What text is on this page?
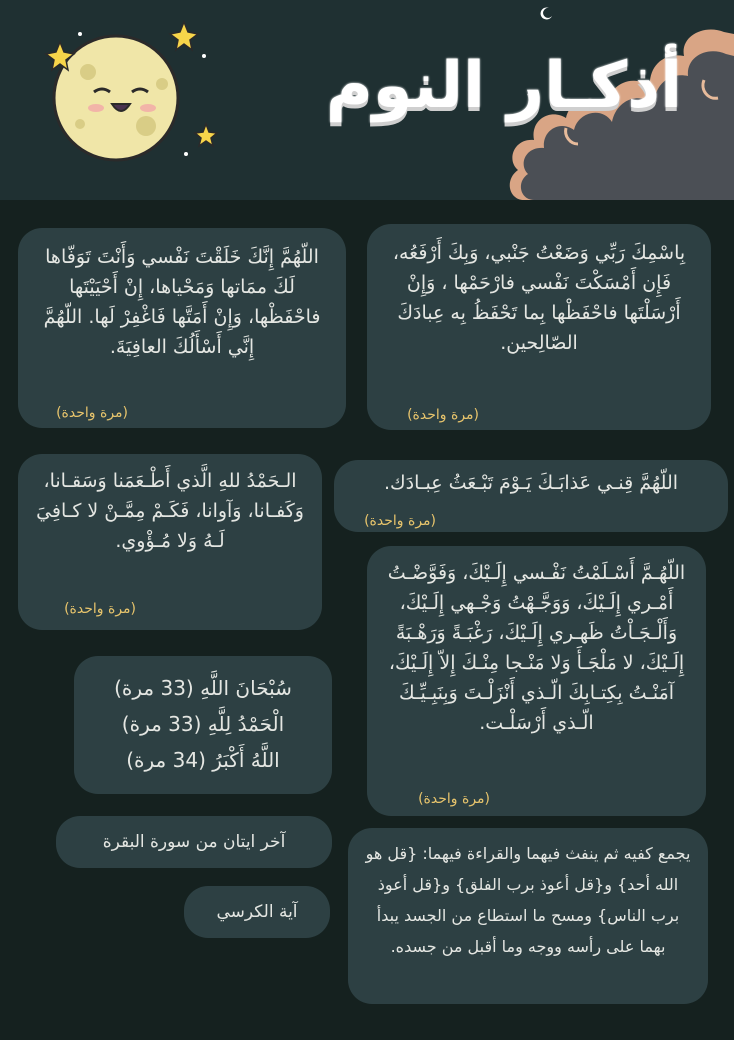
أذكـار النوم
بِاسْمِكَ رَبِّي وَضَعْتُ جَنْبي، وَبِكَ أَرْفَعُه، فَإِن أَمْسَكْتَ نَفْسي فارْحَمْها ، وَإِنْ أَرْسَلْتَها فاحْفَظْها بِما تَحْفَظُ بِه عِبادَكَ الصّالِحين.
(مرة واحدة)
اللّهُمَّ إِنَّكَ خَلَقْتَ نَفْسي وَأَنْتَ تَوَفّاها لَكَ ممَاتها وَمَحْياها، إِنْ أَحْيَيْتَها فاحْفَظْها، وَإِنْ أَمَتَّها فَاغْفِرْ لَها. اللّهُمَّ إِنَّي أَسْأَلُكَ العافِيَةَ.
(مرة واحدة)
اللّهُمَّ قِنـي عَذابَـكَ يَـوْمَ تَبْـعَثُ عِبـادَك.
(مرة واحدة)
الـحَمْدُ للهِ الَّذي أَطْـعَمَنا وَسَقـانا، وَكَفـانا، وَآوانا، فَكَـمْ مِمَّـنْ لا كـافِيَ لَـهُ وَلا مُـؤْوي.
(مرة واحدة)
اللّهُـمَّ أَسْـلَمْتُ نَفْـسي إِلَـيْكَ، وَفَوَّضْـتُ أَمْـري إِلَـيْكَ، وَوَجَّـهْتُ وَجْـهي إِلَـيْكَ، وَأَلْـجَـاْتُ ظَهـري إِلَـيْكَ، رَغْبَـةً وَرَهْـبَةً إِلَـيْكَ، لا مَلْجَـأَ وَلا مَنْـجا مِنْـكَ إِلاّ إِلَـيْكَ، آمَنْـتُ بِكِتـابِكَ الّـذي أَنْزَلْـتَ وَبِنَبِـيِّـكَ الّـذي أَرْسَلْـت.
(مرة واحدة)
سُبْحَانَ اللَّهِ (33 مرة)
الْحَمْدُ لِلَّهِ (33 مرة)
اللَّهُ أَكْبَرُ (34 مرة)
آخر ايتان من سورة البقرة
آية الكرسي
يجمع كفيه ثم ينفث فيهما والقراءة فيهما: {قل هو الله أحد} و{قل أعوذ برب الفلق} و{قل أعوذ برب الناس} ومسح ما استطاع من الجسد يبدأ بهما على رأسه ووجه وما أقبل من جسده.
